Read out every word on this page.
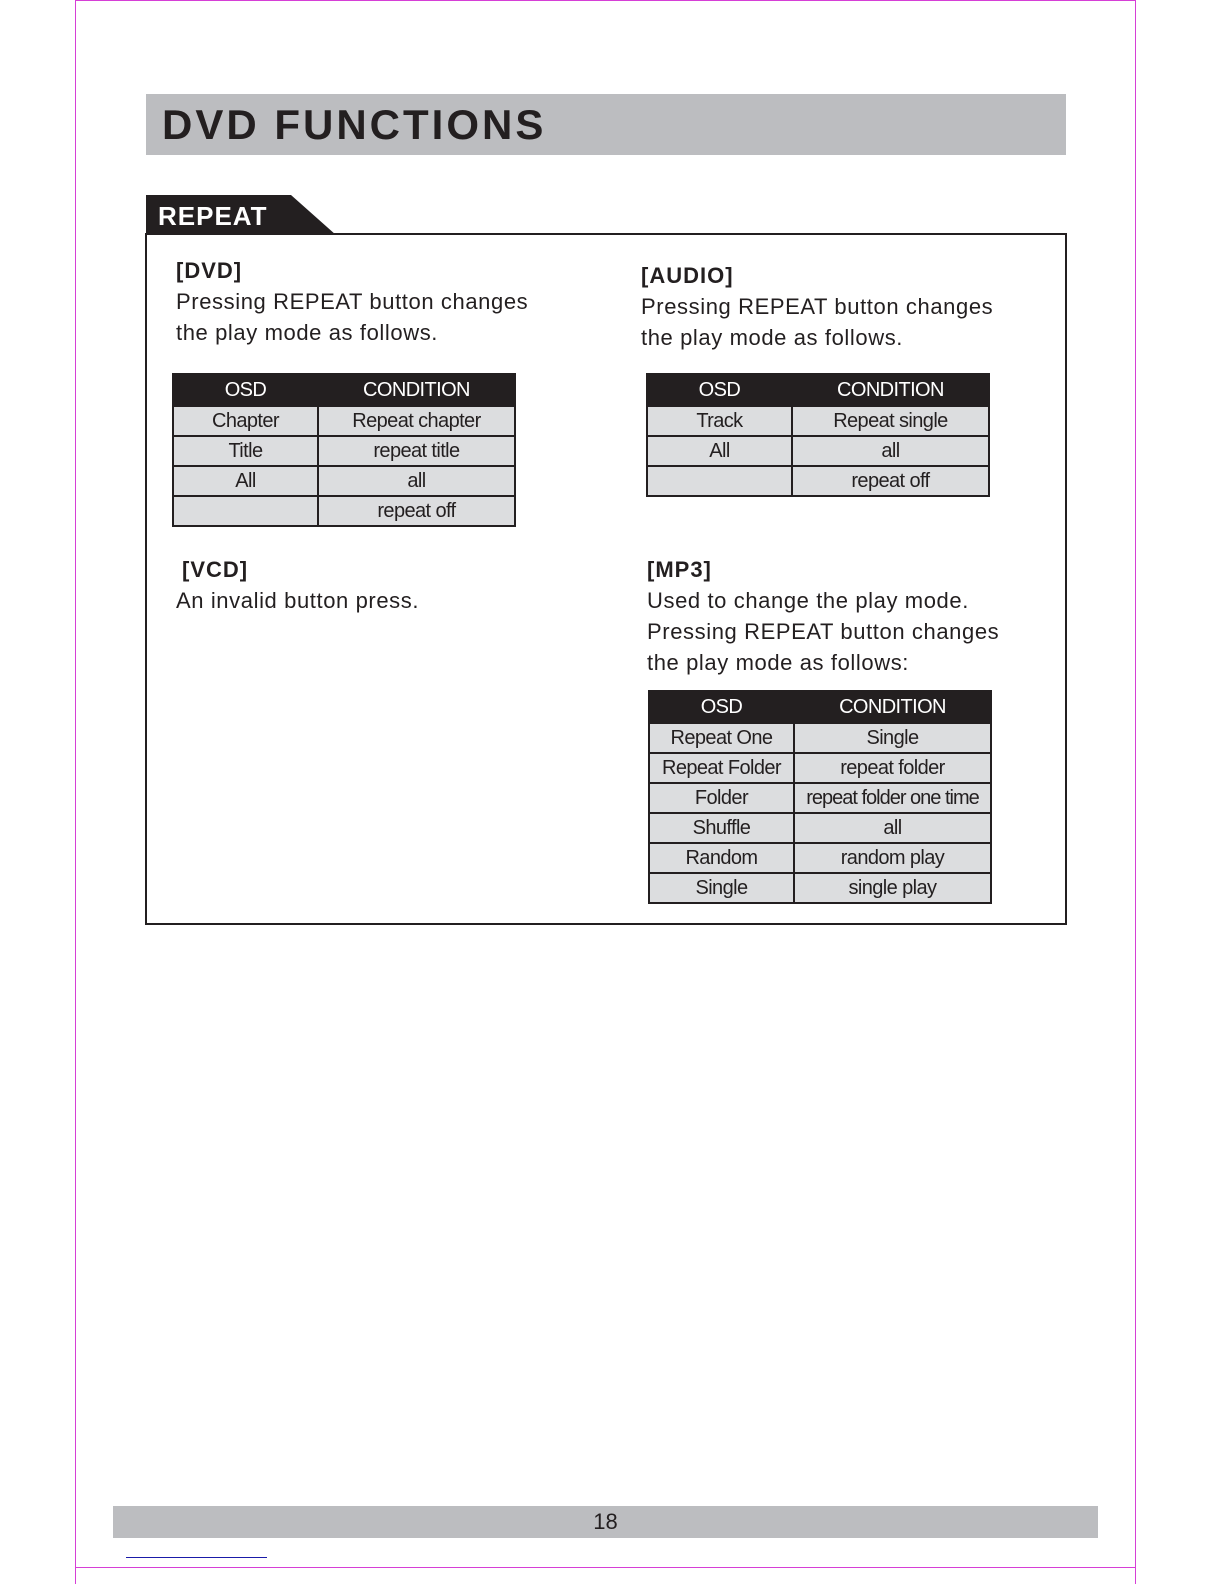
DVD FUNCTIONS
REPEAT
[DVD]
Pressing REPEAT button changes
the play mode as follows.
OSD	CONDITION
Chapter	Repeat chapter
Title	repeat title
All	all
	repeat off
[AUDIO]
Pressing REPEAT button changes
the play mode as follows.
OSD	CONDITION
Track	Repeat single
All	all
	repeat off
[VCD]
An invalid button press.
[MP3]
Used to change the play mode.
Pressing REPEAT button changes
the play mode as follows:
OSD	CONDITION
Repeat One	Single
Repeat Folder	repeat folder
Folder	repeat folder one time
Shuffle	all
Random	random play
Single	single play
18
